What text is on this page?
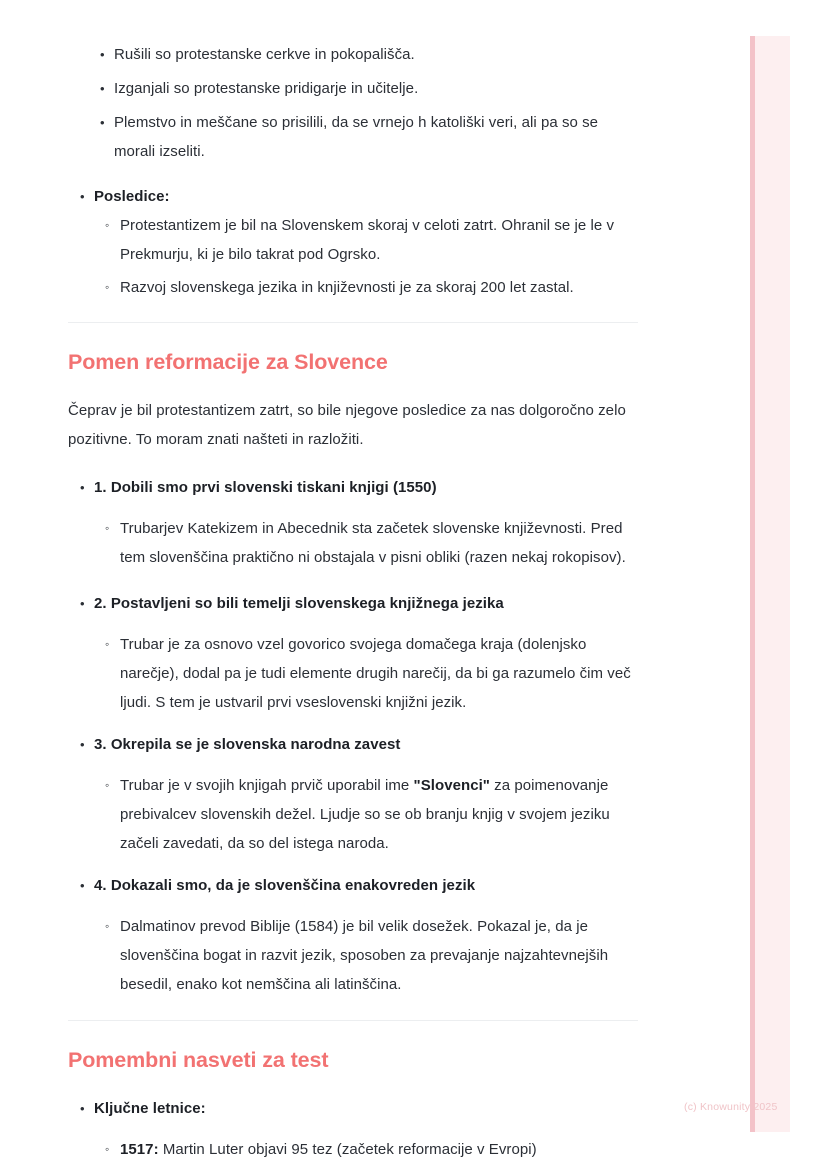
(c) Knowunity 2025
• Rušili so protestanske cerkve in pokopališča.
• Izganjali so protestanske pridigarje in učitelje.
• Plemstvo in meščane so prisilili, da se vrnejo h katoliški veri, ali pa so se morali izseliti.
• Posledice:
◦ Protestantizem je bil na Slovenskem skoraj v celoti zatrt. Ohranil se je le v Prekmurju, ki je bilo takrat pod Ogrsko.
◦ Razvoj slovenskega jezika in književnosti je za skoraj 200 let zastal.
Pomen reformacije za Slovence

Čeprav je bil protestantizem zatrt, so bile njegove posledice za nas dolgoročno zelo pozitivne. To moram znati našteti in razložiti.

• 1. Dobili smo prvi slovenski tiskani knjigi (1550)
◦ Trubarjev Katekizem in Abecednik sta začetek slovenske književnosti. Pred tem slovenščina praktično ni obstajala v pisni obliki (razen nekaj rokopisov).
• 2. Postavljeni so bili temelji slovenskega knjižnega jezika
◦ Trubar je za osnovo vzel govorico svojega domačega kraja (dolenjsko narečje), dodal pa je tudi elemente drugih narečij, da bi ga razumelo čim več ljudi. S tem je ustvaril prvi vseslovenski knjižni jezik.
• 3. Okrepila se je slovenska narodna zavest
◦ Trubar je v svojih knjigah prvič uporabil ime "Slovenci" za poimenovanje prebivalcev slovenskih dežel. Ljudje so se ob branju knjig v svojem jeziku začeli zavedati, da so del istega naroda.
• 4. Dokazali smo, da je slovenščina enakovreden jezik
◦ Dalmatinov prevod Biblije (1584) je bil velik dosežek. Pokazal je, da je slovenščina bogat in razvit jezik, sposoben za prevajanje najzahtevnejših besedil, enako kot nemščina ali latinščina.
Pomembni nasveti za test
• Ključne letnice:
◦ 1517: Martin Luter objavi 95 tez (začetek reformacije v Evropi)
